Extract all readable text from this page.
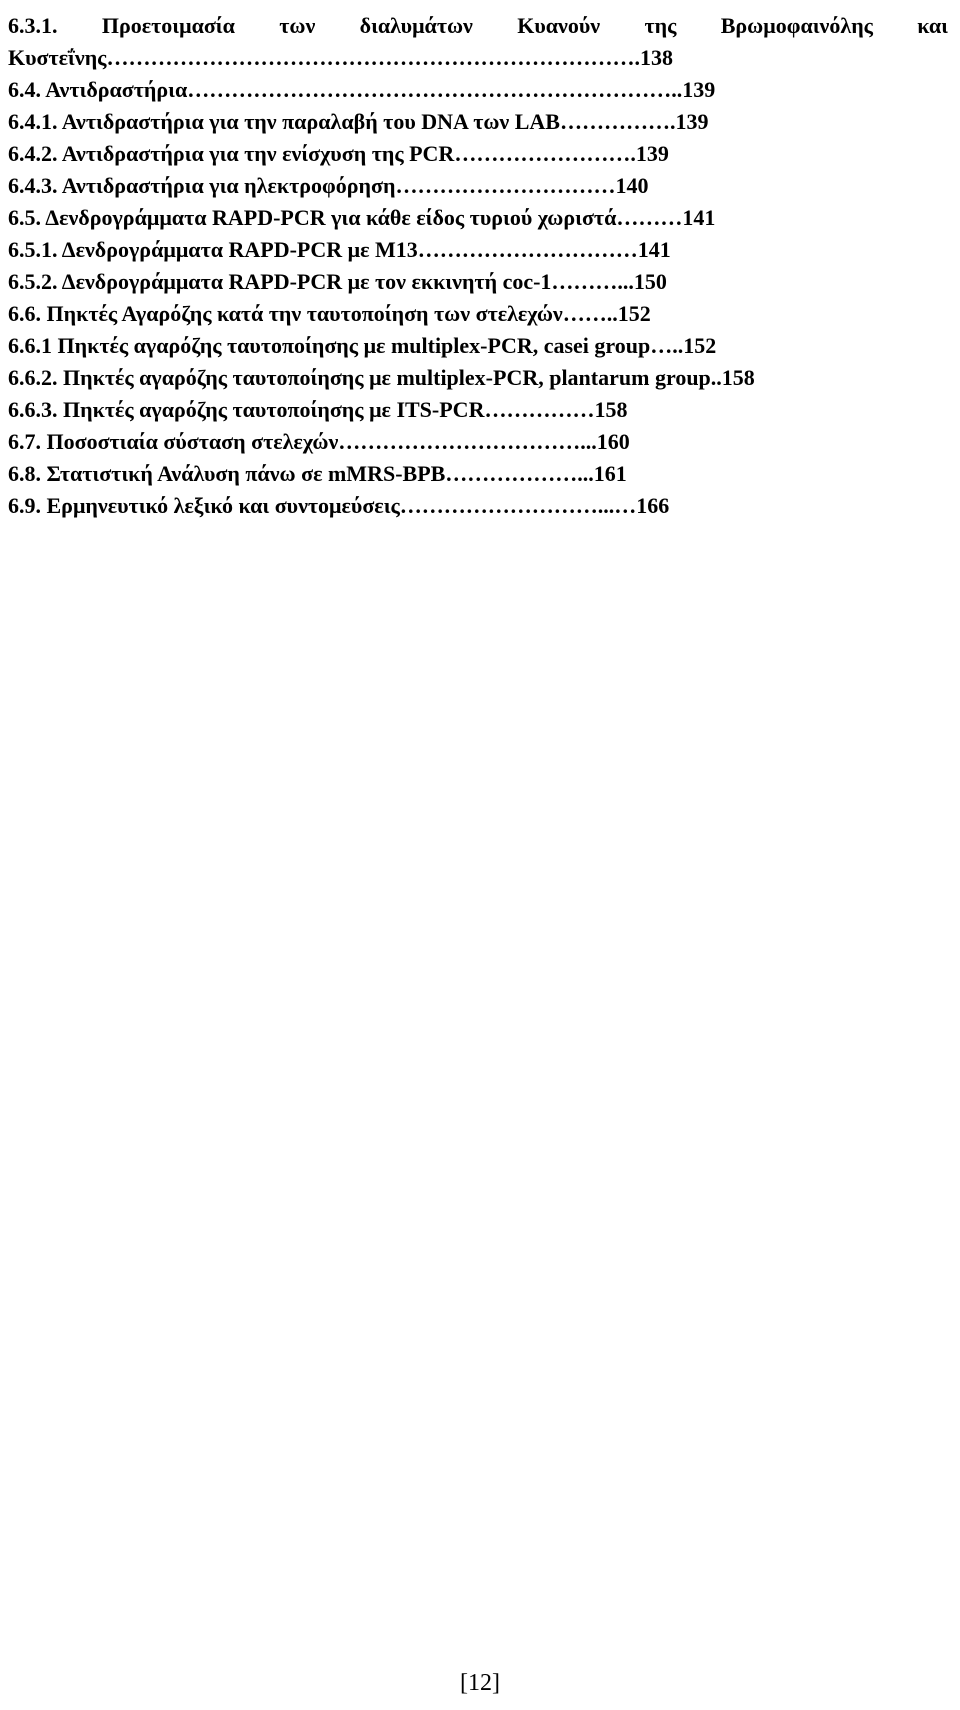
6.3.1. Προετοιμασία των διαλυμάτων Κυανούν της Βρωμοφαινόλης και
Κυστεΐνης……………………………………………………………….138
6.4. Αντιδραστήρια…………………………………………………………..139
6.4.1. Αντιδραστήρια για την παραλαβή του DNA των LAB…………….139
6.4.2. Αντιδραστήρια για την ενίσχυση της PCR…………………….139
6.4.3. Αντιδραστήρια για ηλεκτροφόρηση…………………………140
6.5. Δενδρογράμματα RAPD-PCR για κάθε είδος τυριού χωριστά………141
6.5.1. Δενδρογράμματα RAPD-PCR με M13…………………………141
6.5.2. Δενδρογράμματα RAPD-PCR με τον εκκινητή coc-1………...150
6.6. Πηκτές Αγαρόζης κατά την ταυτοποίηση των στελεχών……..152
6.6.1 Πηκτές αγαρόζης ταυτοποίησης με multiplex-PCR, casei group…..152
6.6.2. Πηκτές αγαρόζης ταυτοποίησης με multiplex-PCR, plantarum group..158
6.6.3. Πηκτές αγαρόζης ταυτοποίησης με ITS-PCR……………158
6.7. Ποσοστιαία σύσταση στελεχών……………………………...160
6.8. Στατιστική Ανάλυση πάνω σε mMRS-BPB………………...161
6.9. Ερμηνευτικό λεξικό και συντομεύσεις………………………...…166
[12]
